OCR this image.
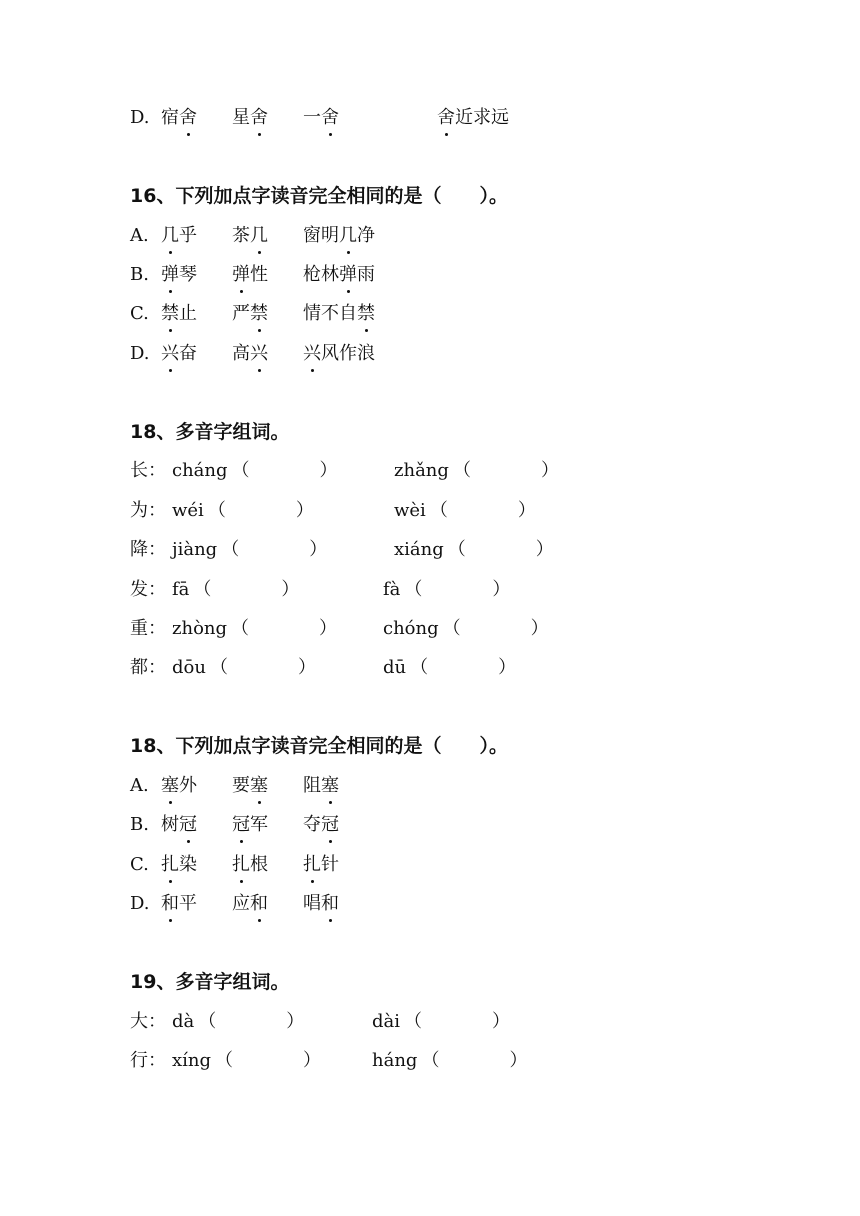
D. 宿舍 星舍 一舍	舍近求远
16、下列加点字读音完全相同的是（　　）。
A. 几乎 茶几 窗明几净
B. 弹琴 弹性 枪林弹雨
C. 禁止 严禁 情不自禁
D. 兴奋 高兴 兴风作浪
18、多音字组词。
长： cháng （	）	zhǎng （	）
为： wéi （	）	wèi （	）
降： jiàng （	）	xiáng （	）
发： fā （	）	fà （	）
重： zhòng （	）	chóng （	）
都： dōu （	）	dū （	）
18、下列加点字读音完全相同的是（　　）。
A. 塞外 要塞 阻塞
B. 树冠 冠军 夺冠
C. 扎染 扎根 扎针
D. 和平 应和 唱和
19、多音字组词。
大： dà （	）	dài （	）
行： xíng （	）	háng （	）
